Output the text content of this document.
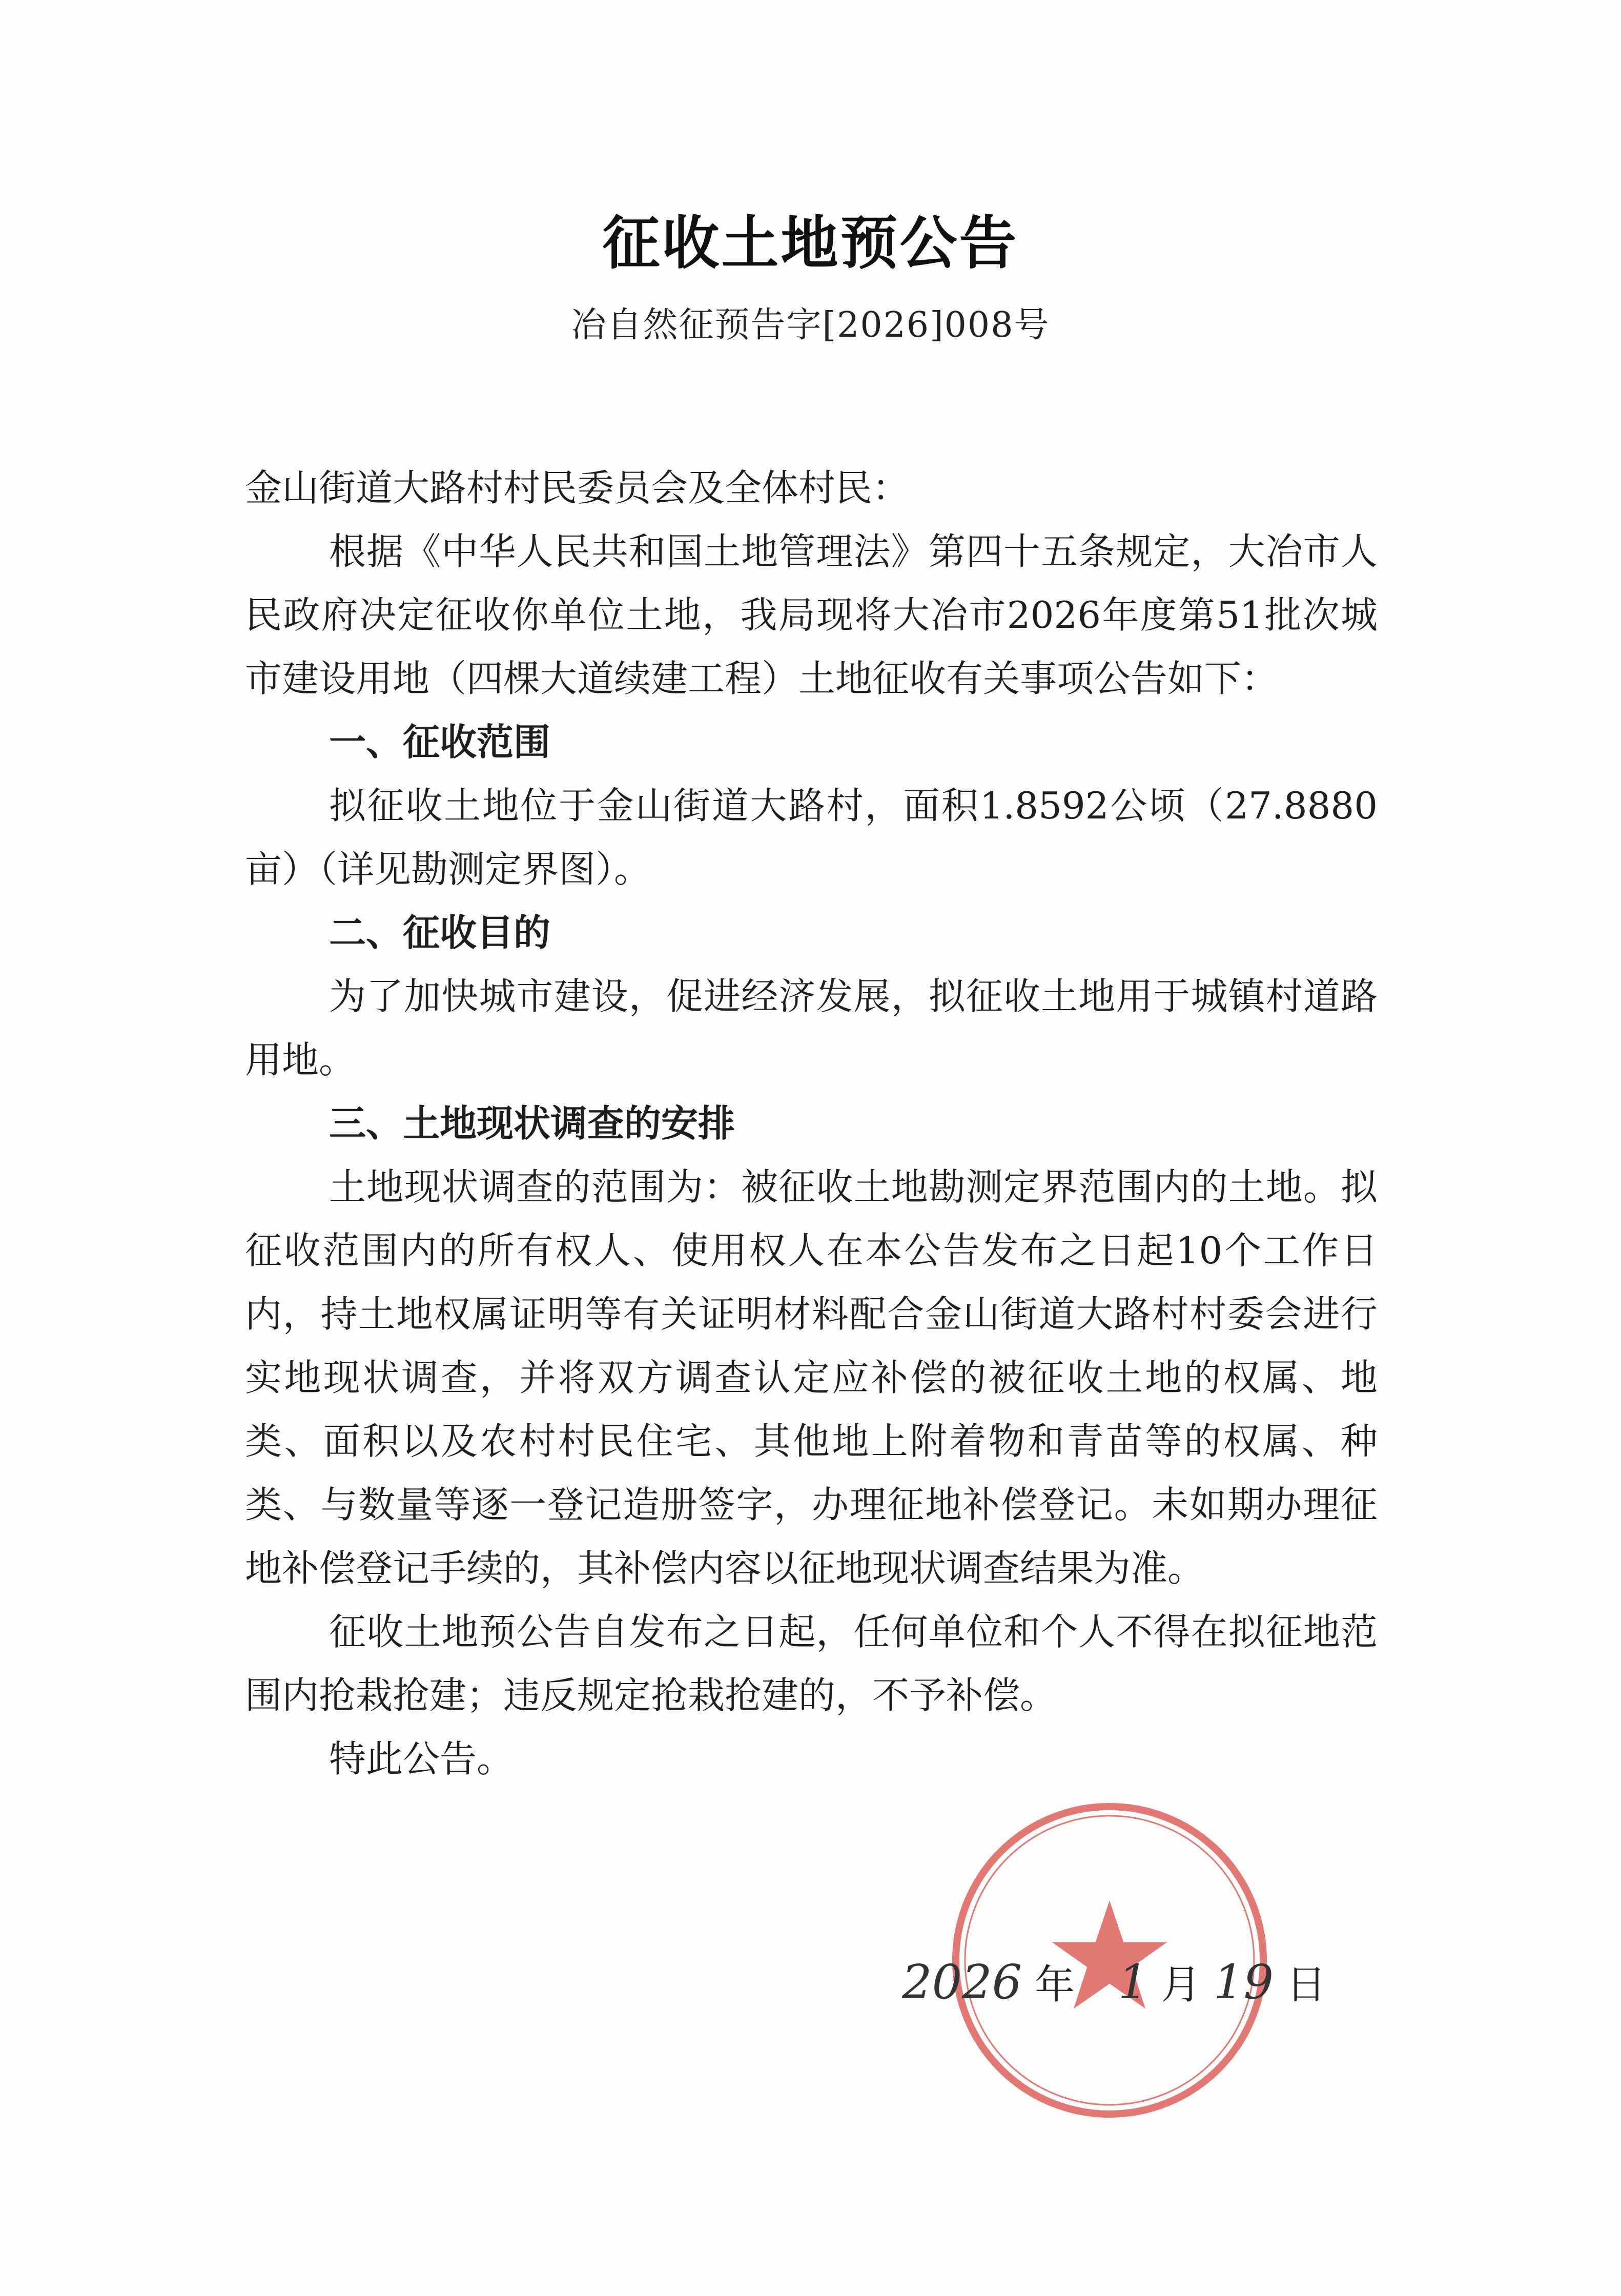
征收土地预公告
冶自然征预告字[2026]008号

金山街道大路村村民委员会及全体村民：

根据《中华人民共和国土地管理法》第四十五条规定，大冶市人民政府决定征收你单位土地，我局现将大冶市2026年度第51批次城市建设用地（四棵大道续建工程）土地征收有关事项公告如下：

一、征收范围

拟征收土地位于金山街道大路村，面积1.8592公顷（27.8880亩）（详见勘测定界图）。

二、征收目的

为了加快城市建设，促进经济发展，拟征收土地用于城镇村道路用地。

三、土地现状调查的安排

土地现状调查的范围为：被征收土地勘测定界范围内的土地。拟征收范围内的所有权人、使用权人在本公告发布之日起10个工作日内，持土地权属证明等有关证明材料配合金山街道大路村村委会进行实地现状调查，并将双方调查认定应补偿的被征收土地的权属、地类、面积以及农村村民住宅、其他地上附着物和青苗等的权属、种类、与数量等逐一登记造册签字，办理征地补偿登记。未如期办理征地补偿登记手续的，其补偿内容以征地现状调查结果为准。

征收土地预公告自发布之日起，任何单位和个人不得在拟征地范围内抢栽抢建；违反规定抢栽抢建的，不予补偿。

特此公告。

2026 年 1 月 19 日
